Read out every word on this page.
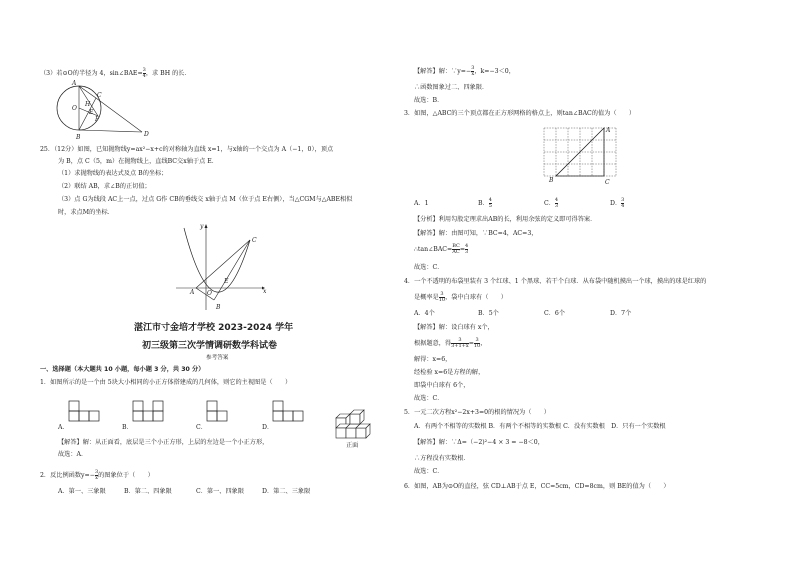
（3）若⊙O的半径为 4，sin∠BAE= $\frac{3}{4}$ ，求 BH 的长．
A
C
O
H
E
F
B	D
25．（12分）如图，已知抛物线y=ax²−x+c的对称轴为直线 x=1，与x轴的一个交点为 A（−1，0），顶点
为 B，点 C（5，m）在抛物线上，直线BC交x轴于点 E．
（1）求抛物线的表达式及点 B的坐标；
（2）联结 AB，求∠B的正切值；
（3）点 G为线段 AC上一点，过点 G作 CB的垂线交 x轴于点 M（位于点 E右侧），当△CGM与△ABE相似
时，求点M的坐标．
y
C
E
A O	x
B
湛江市寸金培才学校 2023-2024 学年
初三级第三次学情调研数学科试卷
参考答案
一、选择题（本大题共 10 小题，每小题 3 分，共 30 分）
1．如图所示的是一个由 5块大小相同的小正方体搭建成的几何体，则它的主视图是（　　）
A．	B．	C．	D．
正面
【解答】解：从正面看，底层是三个小正方形，上层的左边是一个小正方形，
故选：A．
2．反比例函数$y=- \frac{3}{x}$ 的图象位于（　　）
A．第一、三象限	B．第二、四象限	C．第一、四象限	D．第二、三象限
【解答】解：∵y=− $\frac{3}{x}$ ，k=−3＜0，
∴函数图象过二、四象限．
故选：B．
3．如图，△ABC的三个顶点都在正方形网格的格点上，则tan∠BAC的值为（　　）
A
B	C
A．1	B． $\frac{4}{5}$	C． $\frac{4}{3}$	D． $\frac{3}{4}$
【分析】利用勾股定理求出AB的长，利用余弦的定义即可得答案．
【解答】解：由图可知，∵BC=4，AC=3，
∴tan∠BAC= $\frac{BC}{AC} = \frac{4}{3}$
故选：C．
4．一个不透明的布袋里装有 3 个红球、1 个黑球、若干个白球．从布袋中随机摸出一个球，摸出的球是红球的
是概率是 $\frac{3}{10}$ ，袋中白球有（　　）
A．4个	B．5个	C．6个	D．7个
【解答】解：设白球有 x个，
根据题意，得 $\frac{3}{3+1+x} = \frac{3}{10}$ ，
解得：x=6，
经检验 x=6是方程的解，
即袋中白球有 6个，
故选：C．
5．一元二次方程x²−2x+3=0的根的情况为（　　）
A．有两个不相等的实数根 B．有两个不相等的实数根 C．没有实数根　D．只有一个实数根
【解答】解：∵Δ=（−2)²−4 × 3 = −8＜0，
∴方程没有实数根．
故选：C．
6．如图，AB为⊙O的直径，弦 CD⊥AB于点 E，CC=5cm，CD=8cm，则 BE的值为（　　）
